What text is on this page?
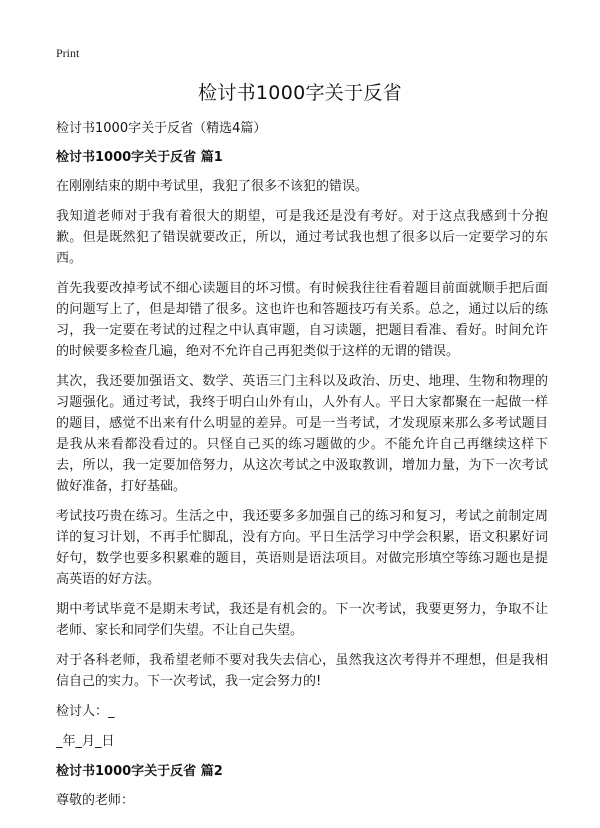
Print
检讨书1000字关于反省

检讨书1000字关于反省（精选4篇）

检讨书1000字关于反省 篇1

在刚刚结束的期中考试里，我犯了很多不该犯的错误。

我知道老师对于我有着很大的期望，可是我还是没有考好。对于这点我感到十分抱歉。但是既然犯了错误就要改正，所以，通过考试我也想了很多以后一定要学习的东西。

首先我要改掉考试不细心读题目的坏习惯。有时候我往往看着题目前面就顺手把后面的问题写上了，但是却错了很多。这也许也和答题技巧有关系。总之，通过以后的练习，我一定要在考试的过程之中认真审题，自习读题，把题目看准、看好。时间允许的时候要多检查几遍，绝对不允许自己再犯类似于这样的无谓的错误。

其次，我还要加强语文、数学、英语三门主科以及政治、历史、地理、生物和物理的习题强化。通过考试，我终于明白山外有山，人外有人。平日大家都聚在一起做一样的题目，感觉不出来有什么明显的差异。可是一当考试，才发现原来那么多考试题目是我从来看都没看过的。只怪自己买的练习题做的少。不能允许自己再继续这样下去，所以，我一定要加倍努力，从这次考试之中汲取教训，增加力量，为下一次考试做好准备，打好基础。

考试技巧贵在练习。生活之中，我还要多多加强自己的练习和复习，考试之前制定周详的复习计划，不再手忙脚乱，没有方向。平日生活学习中学会积累，语文积累好词好句，数学也要多积累难的题目，英语则是语法项目。对做完形填空等练习题也是提高英语的好方法。

期中考试毕竟不是期末考试，我还是有机会的。下一次考试，我要更努力，争取不让老师、家长和同学们失望。不让自己失望。

对于各科老师，我希望老师不要对我失去信心，虽然我这次考得并不理想，但是我相信自己的实力。下一次考试，我一定会努力的!

检讨人：_

_年_月_日

检讨书1000字关于反省 篇2

尊敬的老师：
